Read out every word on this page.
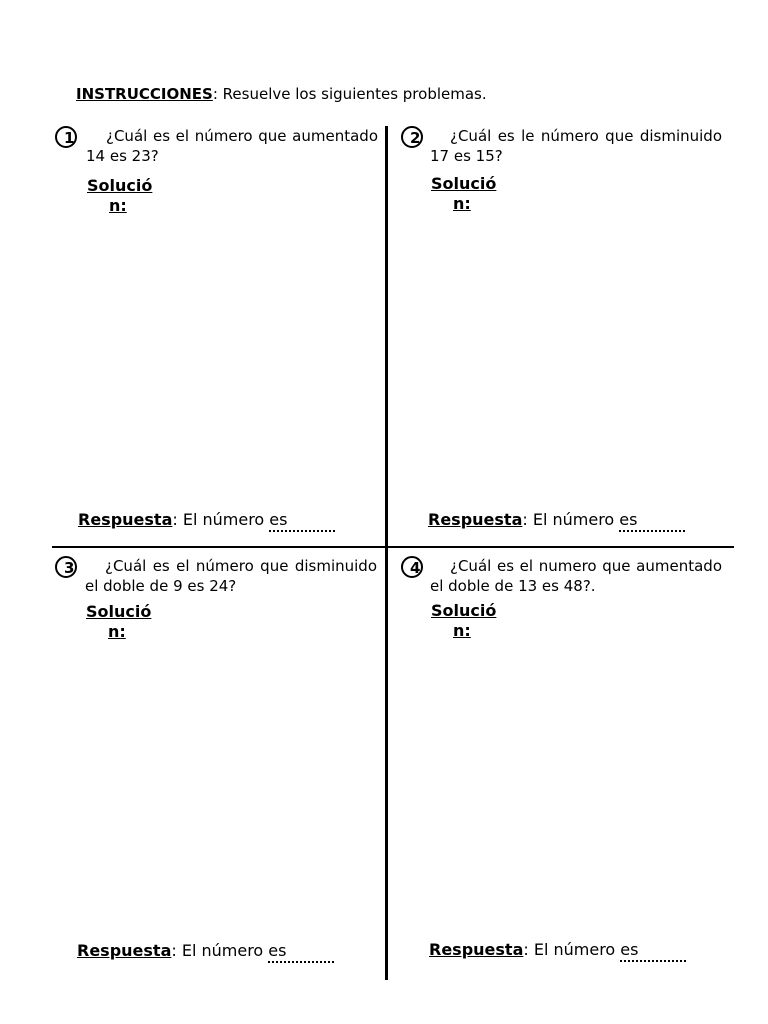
INSTRUCCIONES: Resuelve los siguientes problemas.
1	¿Cuál es el número que aumentado 14 es 23?
Solució
n:
Respuesta: El número es
2	¿Cuál es le número que disminuido 17 es 15?
Solució
n:
Respuesta: El número es
3	¿Cuál es el número que disminuido el doble de 9 es 24?
Solució
n:
Respuesta: El número es
4	¿Cuál es el numero que aumentado el doble de 13 es 48?.
Solució
n:
Respuesta: El número es
